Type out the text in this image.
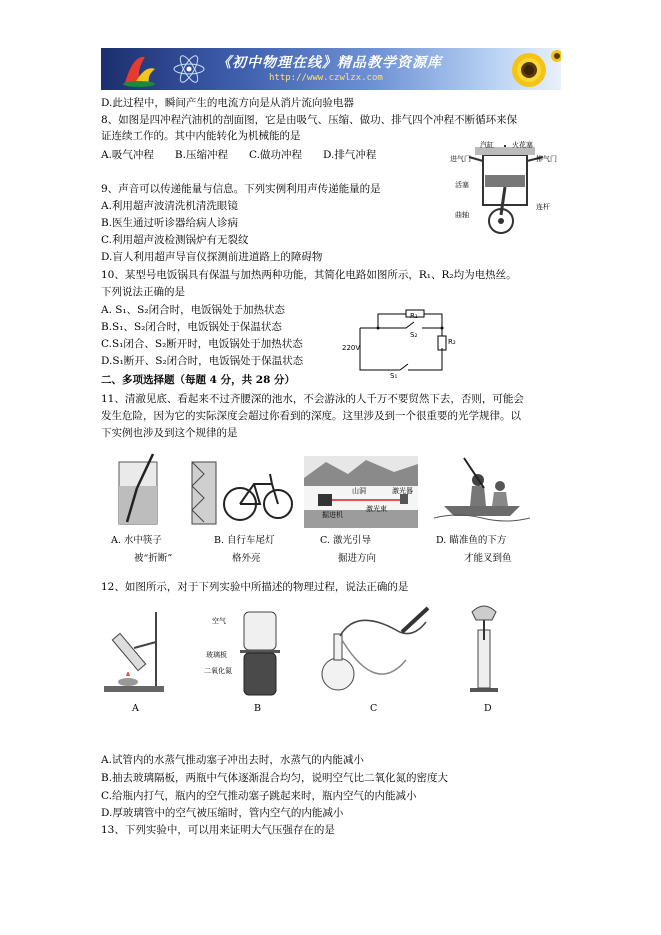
《初中物理在线》精品教学资源库
http://www.czwlzx.com
D.此过程中，瞬间产生的电流方向是从消片流向验电器
8、如图是四冲程汽油机的剖面图，它是由吸气、压缩、做功、排气四个冲程不断循环来保
证连续工作的。其中内能转化为机械能的是
A.吸气冲程　　B.压缩冲程　　C.做功冲程　　D.排气冲程
汽缸	火花塞
进气门	排气门
活塞
连杆
曲轴
9、声音可以传递能量与信息。下列实例利用声传递能量的是
A.利用超声波清洗机清洗眼镜
B.医生通过听诊器给病人诊病
C.利用超声波检测锅炉有无裂纹
D.盲人利用超声导盲仪探测前进道路上的障碍物
10、某型号电饭锅具有保温与加热两种功能，其简化电路如图所示，R₁、R₂均为电热丝。
下列说法正确的是
A. S₁、S₂闭合时，电饭锅处于加热状态
B.S₁、S₂闭合时，电饭锅处于保温状态
C.S₁闭合、S₂断开时，电饭锅处于加热状态
D.S₁断开、S₂闭合时，电饭锅处于保温状态
220V
R₁
R₂
S₂
S₁
二、多项选择题（每题 4 分，共 28 分）
11、清澈见底、看起来不过齐腰深的池水，不会游泳的人千万不要贸然下去，否则，可能会
发生危险，因为它的实际深度会超过你看到的深度。这里涉及到一个很重要的光学规律。以
下实例也涉及到这个规律的是
山洞	激光器
激光束
掘进机
A. 水中筷子
被“折断”
B. 自行车尾灯
格外亮
C. 激光引导
掘进方向
D. 瞄准鱼的下方
才能叉到鱼
12、如图所示，对于下列实验中所描述的物理过程，说法正确的是
空气
玻璃板
二氧化氮
A	B	C	D
A.试管内的水蒸气推动塞子冲出去时，水蒸气的内能减小
B.抽去玻璃隔板，两瓶中气体逐渐混合均匀，说明空气比二氧化氮的密度大
C.给瓶内打气，瓶内的空气推动塞子跳起来时，瓶内空气的内能减小
D.厚玻璃管中的空气被压缩时，管内空气的内能减小
13、下列实验中，可以用来证明大气压强存在的是
